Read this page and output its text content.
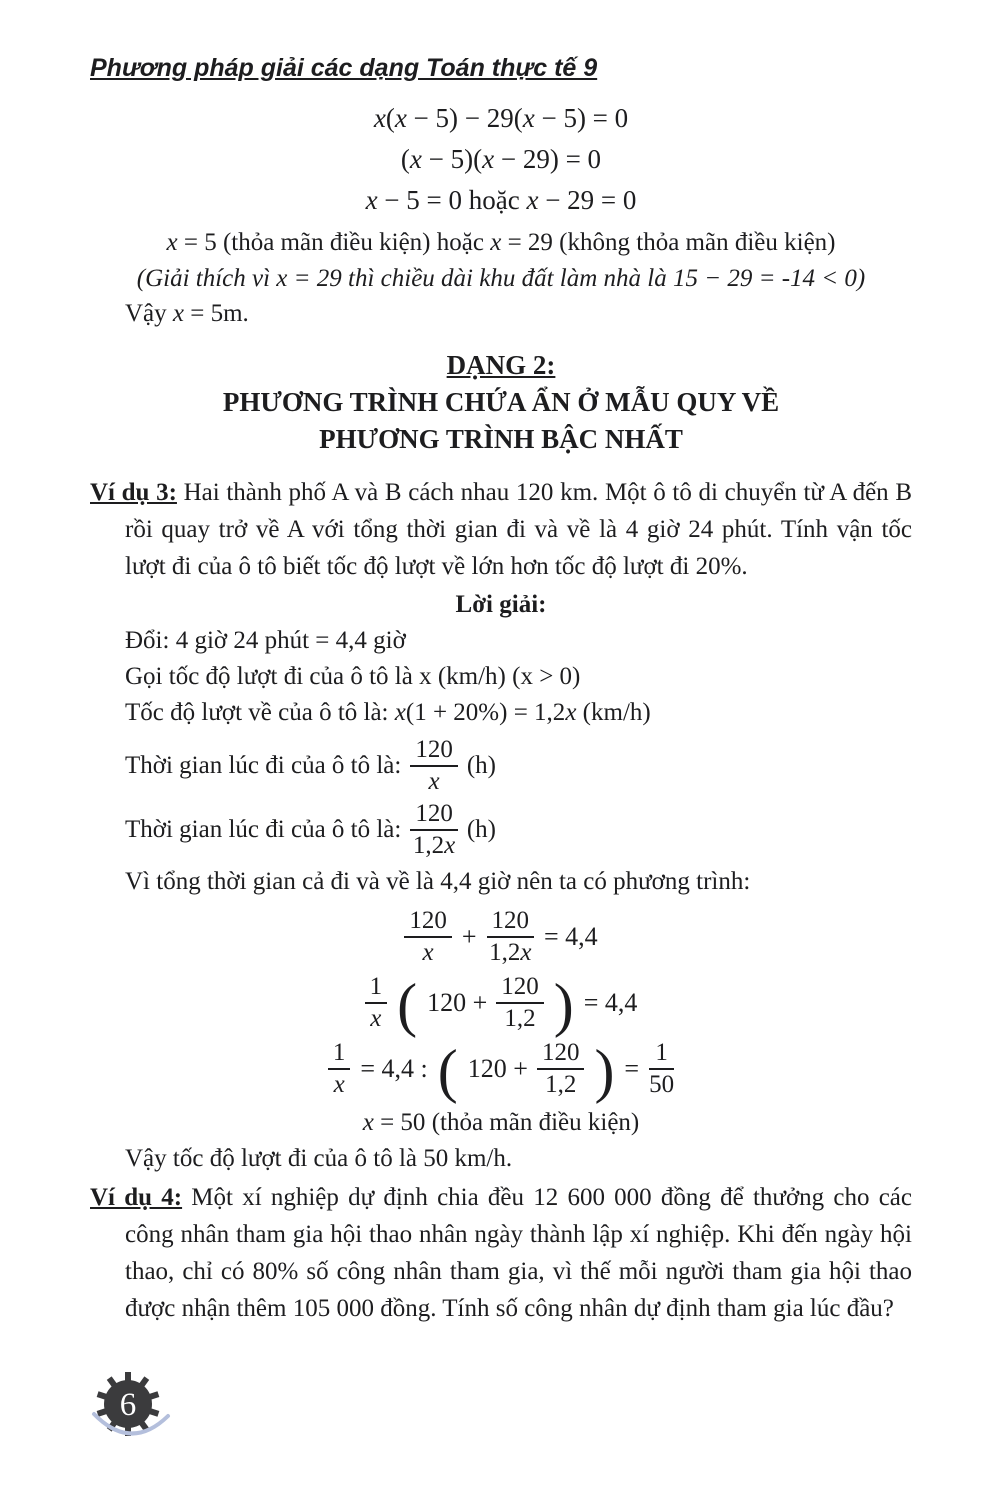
Phương pháp giải các dạng Toán thực tế 9
x(x − 5) − 29(x − 5) = 0
(x − 5)(x − 29) = 0
x − 5 = 0 hoặc x − 29 = 0
x = 5 (thỏa mãn điều kiện) hoặc x = 29 (không thỏa mãn điều kiện)
(Giải thích vì x = 29 thì chiều dài khu đất làm nhà là 15 − 29 = -14 < 0)
Vậy x = 5m.
DẠNG 2:
PHƯƠNG TRÌNH CHỨA ẨN Ở MẪU QUY VỀ
PHƯƠNG TRÌNH BẬC NHẤT
Ví dụ 3: Hai thành phố A và B cách nhau 120 km. Một ô tô di chuyển từ A đến B rồi quay trở về A với tổng thời gian đi và về là 4 giờ 24 phút. Tính vận tốc lượt đi của ô tô biết tốc độ lượt về lớn hơn tốc độ lượt đi 20%.
Lời giải:
Đổi: 4 giờ 24 phút = 4,4 giờ
Gọi tốc độ lượt đi của ô tô là x (km/h) (x > 0)
Tốc độ lượt về của ô tô là: x(1 + 20%) = 1,2x (km/h)
Thời gian lúc đi của ô tô là: $\frac{120}{x} (h)$
Thời gian lúc đi của ô tô là: $\frac{120}{1,2x} (h)$
Vì tổng thời gian cả đi và về là 4,4 giờ nên ta có phương trình:
$\frac{120}{x} + \frac{120}{1,2x} = 4,4$
$\frac{1}{x}$ ( $120 + \frac{120}{1,2}$ ) = 4,4
$\frac{1}{x} = 4,4$ : ( $120 + \frac{120}{1,2}$ ) = $\frac{1}{50}$
x = 50 (thỏa mãn điều kiện)
Vậy tốc độ lượt đi của ô tô là 50 km/h.
Ví dụ 4: Một xí nghiệp dự định chia đều 12 600 000 đồng để thưởng cho các công nhân tham gia hội thao nhân ngày thành lập xí nghiệp. Khi đến ngày hội thao, chỉ có 80% số công nhân tham gia, vì thế mỗi người tham gia hội thao được nhận thêm 105 000 đồng. Tính số công nhân dự định tham gia lúc đầu?
6
